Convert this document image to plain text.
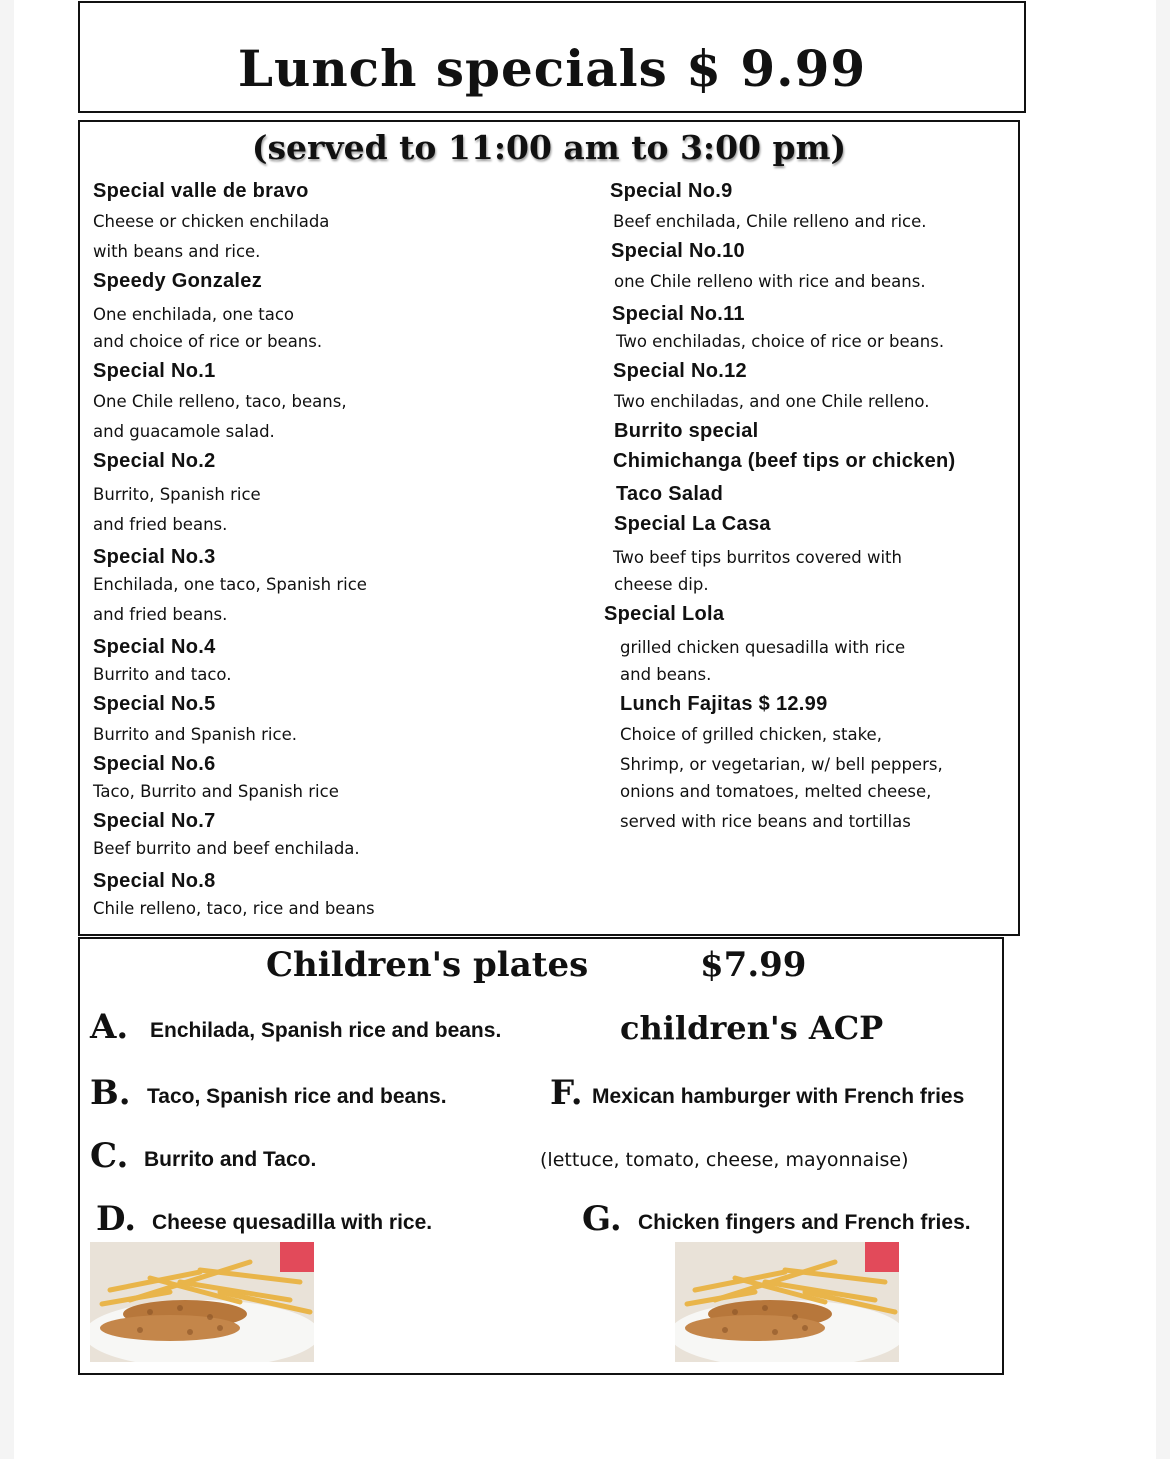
Lunch specials $ 9.99
(served to 11:00 am to 3:00 pm)
Special valle de bravo
Cheese or chicken enchilada
with beans and rice.
Speedy Gonzalez
One enchilada, one taco
and choice of rice or beans.
Special No.1
One Chile relleno, taco, beans,
and guacamole salad.
Special No.2
Burrito, Spanish rice
and fried beans.
Special No.3
Enchilada, one taco, Spanish rice
and fried beans.
Special No.4
Burrito and taco.
Special No.5
Burrito and Spanish rice.
Special No.6
Taco, Burrito and Spanish rice
Special No.7
Beef burrito and beef enchilada.
Special No.8
Chile relleno, taco, rice and beans
Special No.9
Beef enchilada, Chile relleno and rice.
Special No.10
one Chile relleno with rice and beans.
Special No.11
Two enchiladas, choice of rice or beans.
Special No.12
Two enchiladas, and one Chile relleno.
Burrito special
Chimichanga (beef tips or chicken)
Taco Salad
Special La Casa
Two beef tips burritos covered with
cheese dip.
Special Lola
grilled chicken quesadilla with rice
and beans.
Lunch Fajitas $ 12.99
Choice of grilled chicken, stake,
Shrimp, or vegetarian, w/ bell peppers,
onions and tomatoes, melted cheese,
served with rice beans and tortillas
Children's plates	$7.99
children's ACP
A. Enchilada, Spanish rice and beans.
B. Taco, Spanish rice and beans.
C. Burrito and Taco.
D. Cheese quesadilla with rice.
F. Mexican hamburger with French fries
(lettuce, tomato, cheese, mayonnaise)
G. Chicken fingers and French fries.
